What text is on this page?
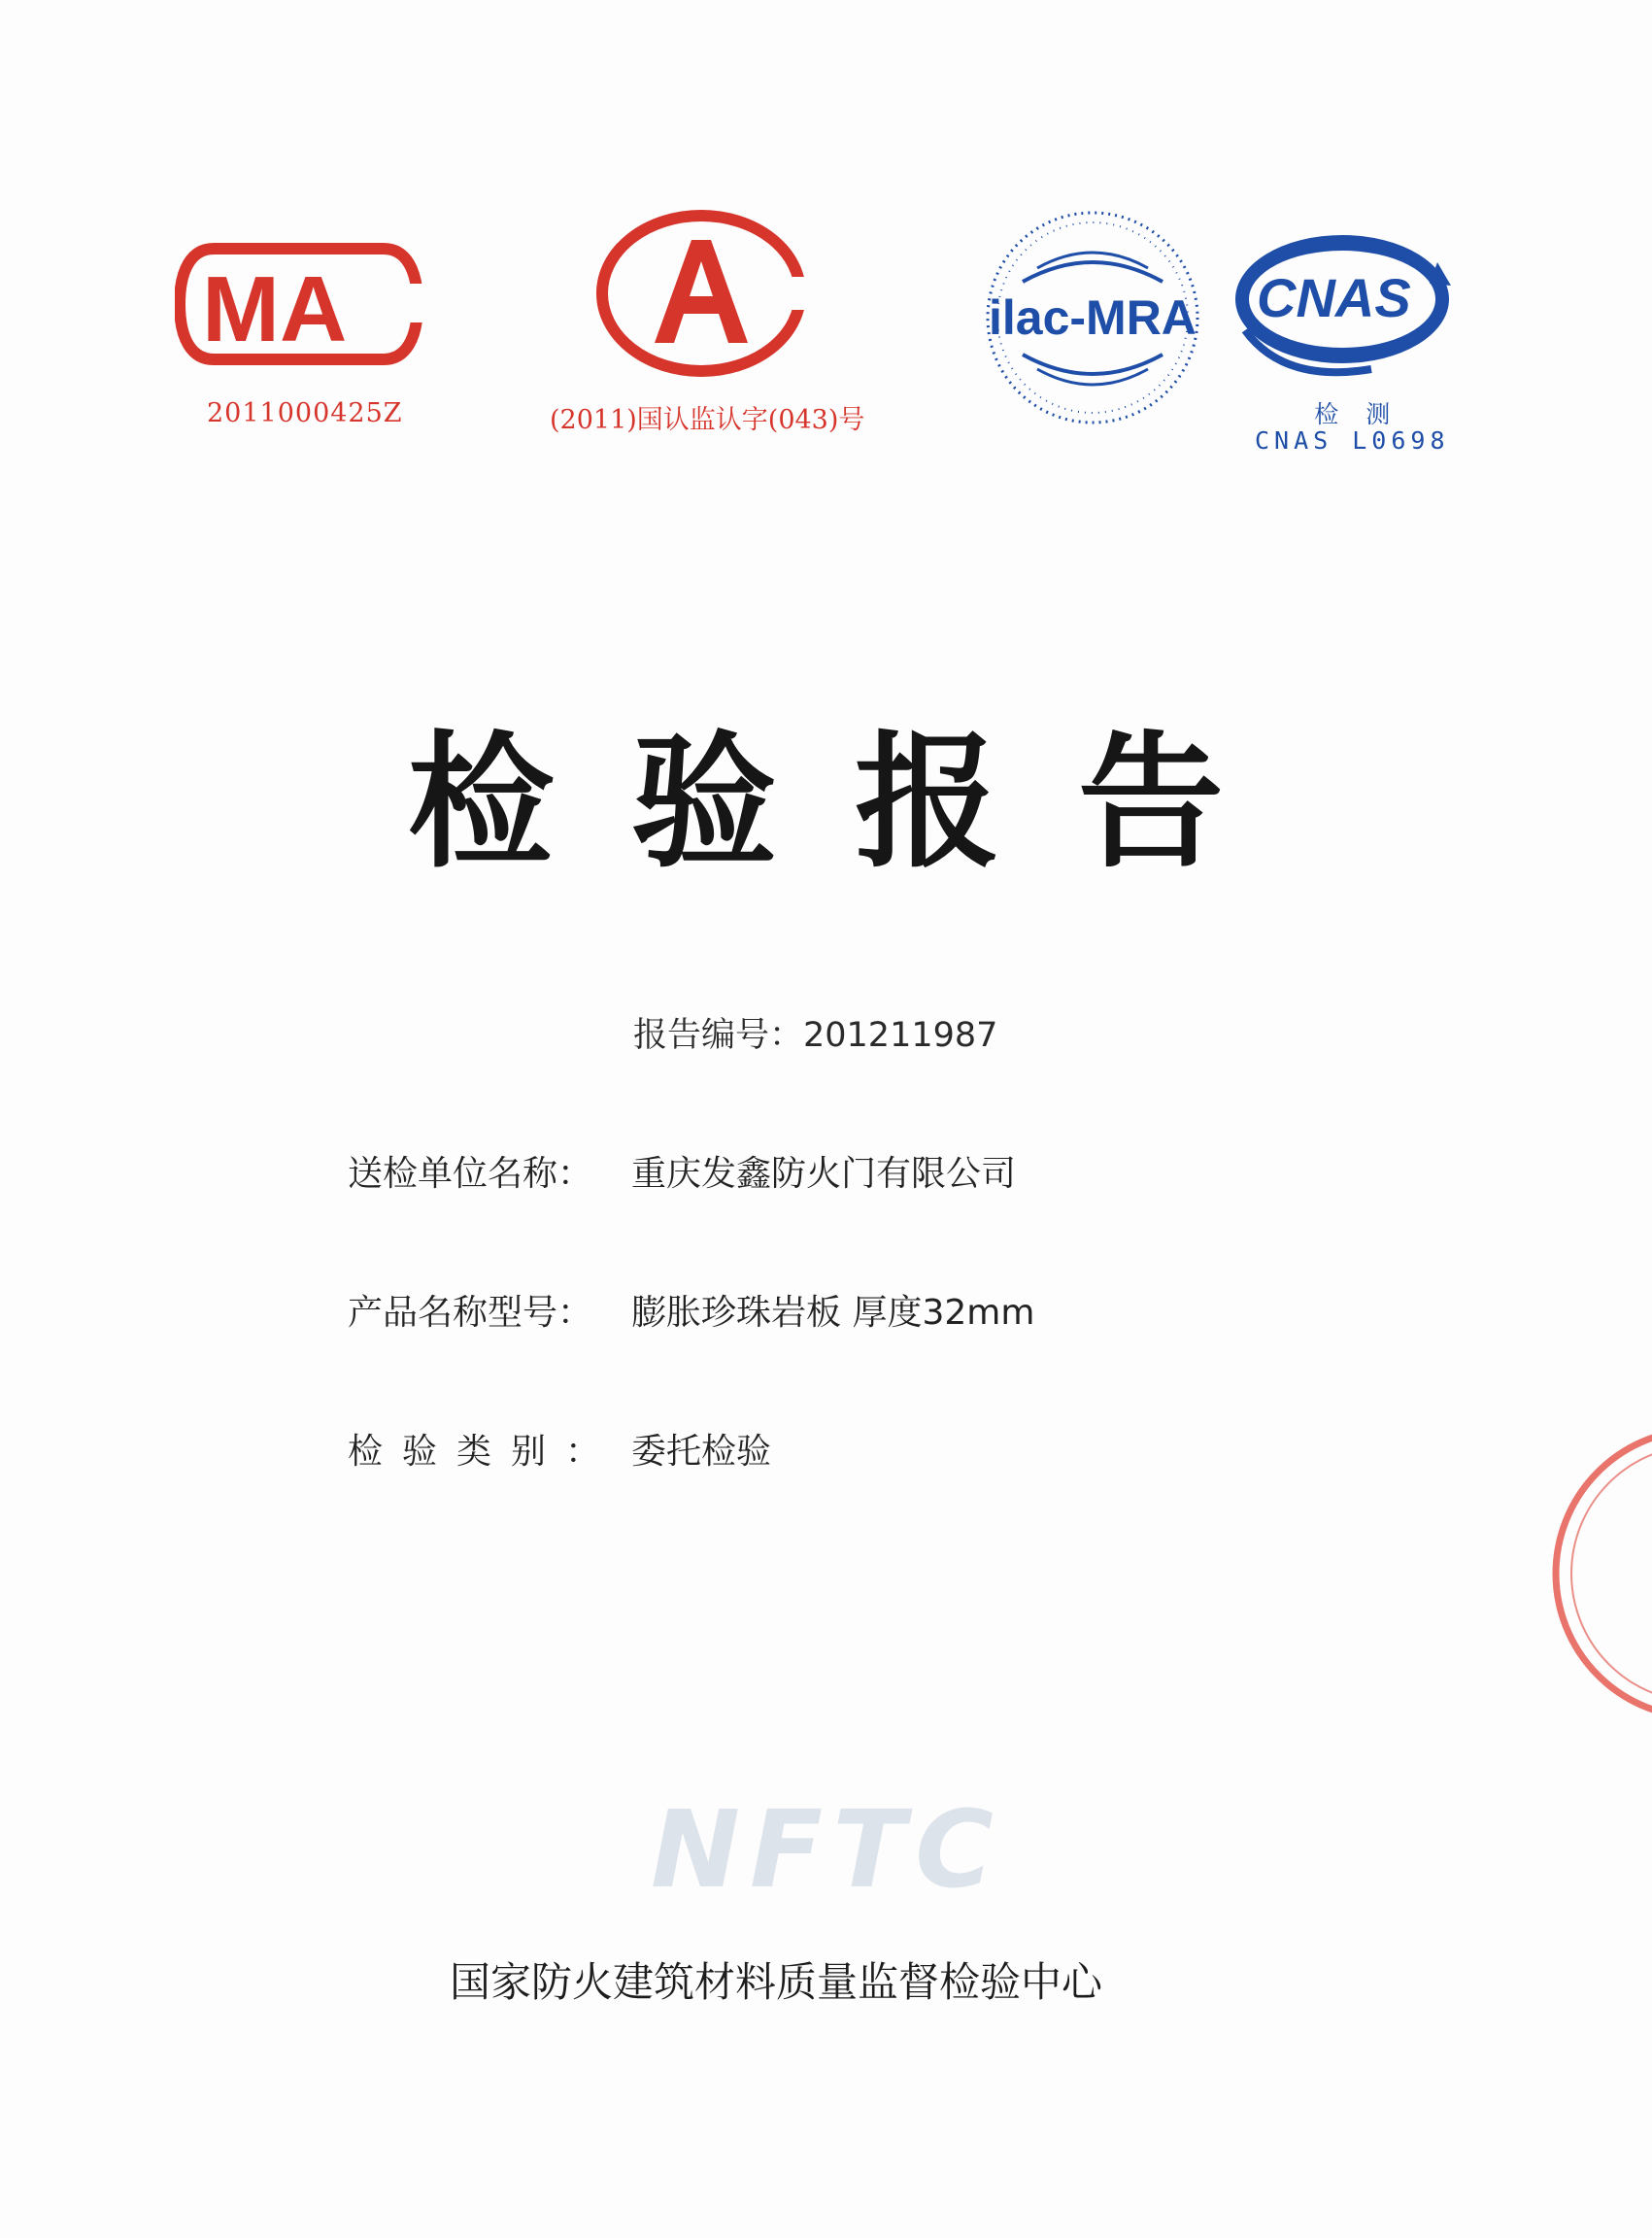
MA
2011000425Z	(2011)国认监认字(043)号
ilac-MRA CNAS
检测
CNAS L0698
检验报告
报告编号：201211987
送检单位名称： 重庆发鑫防火门有限公司
产品名称型号： 膨胀珍珠岩板 厚度32mm
检验类别： 委托检验
NFTC
国家防火建筑材料质量监督检验中心
